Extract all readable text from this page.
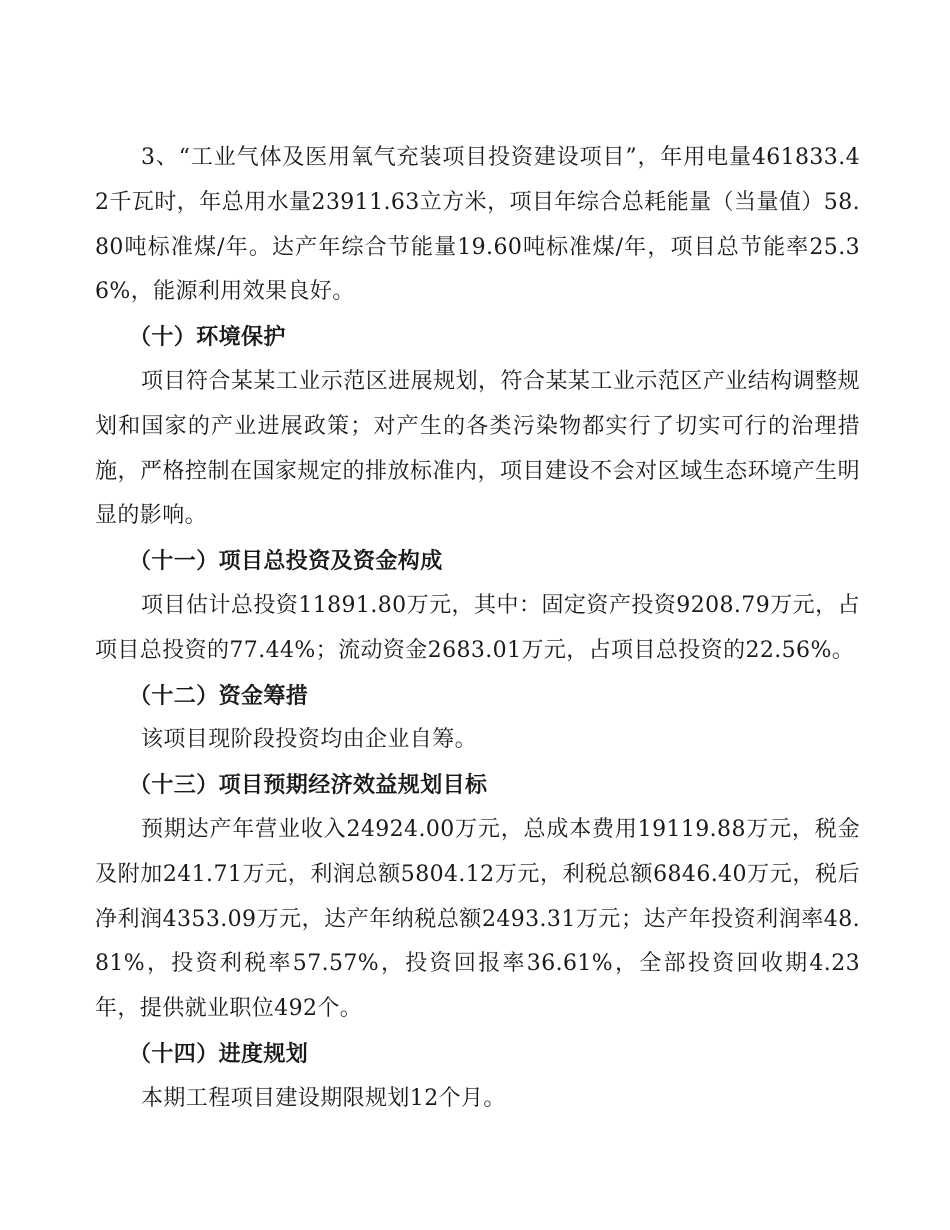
3、“工业气体及医用氧气充装项目投资建设项目”，年用电量461833.42千瓦时，年总用水量23911.63立方米，项目年综合总耗能量（当量值）58.80吨标准煤/年。达产年综合节能量19.60吨标准煤/年，项目总节能率25.36%，能源利用效果良好。

（十）环境保护

项目符合某某工业示范区进展规划，符合某某工业示范区产业结构调整规划和国家的产业进展政策；对产生的各类污染物都实行了切实可行的治理措施，严格控制在国家规定的排放标准内，项目建设不会对区域生态环境产生明显的影响。

（十一）项目总投资及资金构成

项目估计总投资11891.80万元，其中：固定资产投资9208.79万元，占项目总投资的77.44%；流动资金2683.01万元，占项目总投资的22.56%。

（十二）资金筹措

该项目现阶段投资均由企业自筹。

（十三）项目预期经济效益规划目标

预期达产年营业收入24924.00万元，总成本费用19119.88万元，税金及附加241.71万元，利润总额5804.12万元，利税总额6846.40万元，税后净利润4353.09万元，达产年纳税总额2493.31万元；达产年投资利润率48.81%，投资利税率57.57%，投资回报率36.61%，全部投资回收期4.23年，提供就业职位492个。

（十四）进度规划

本期工程项目建设期限规划12个月。
